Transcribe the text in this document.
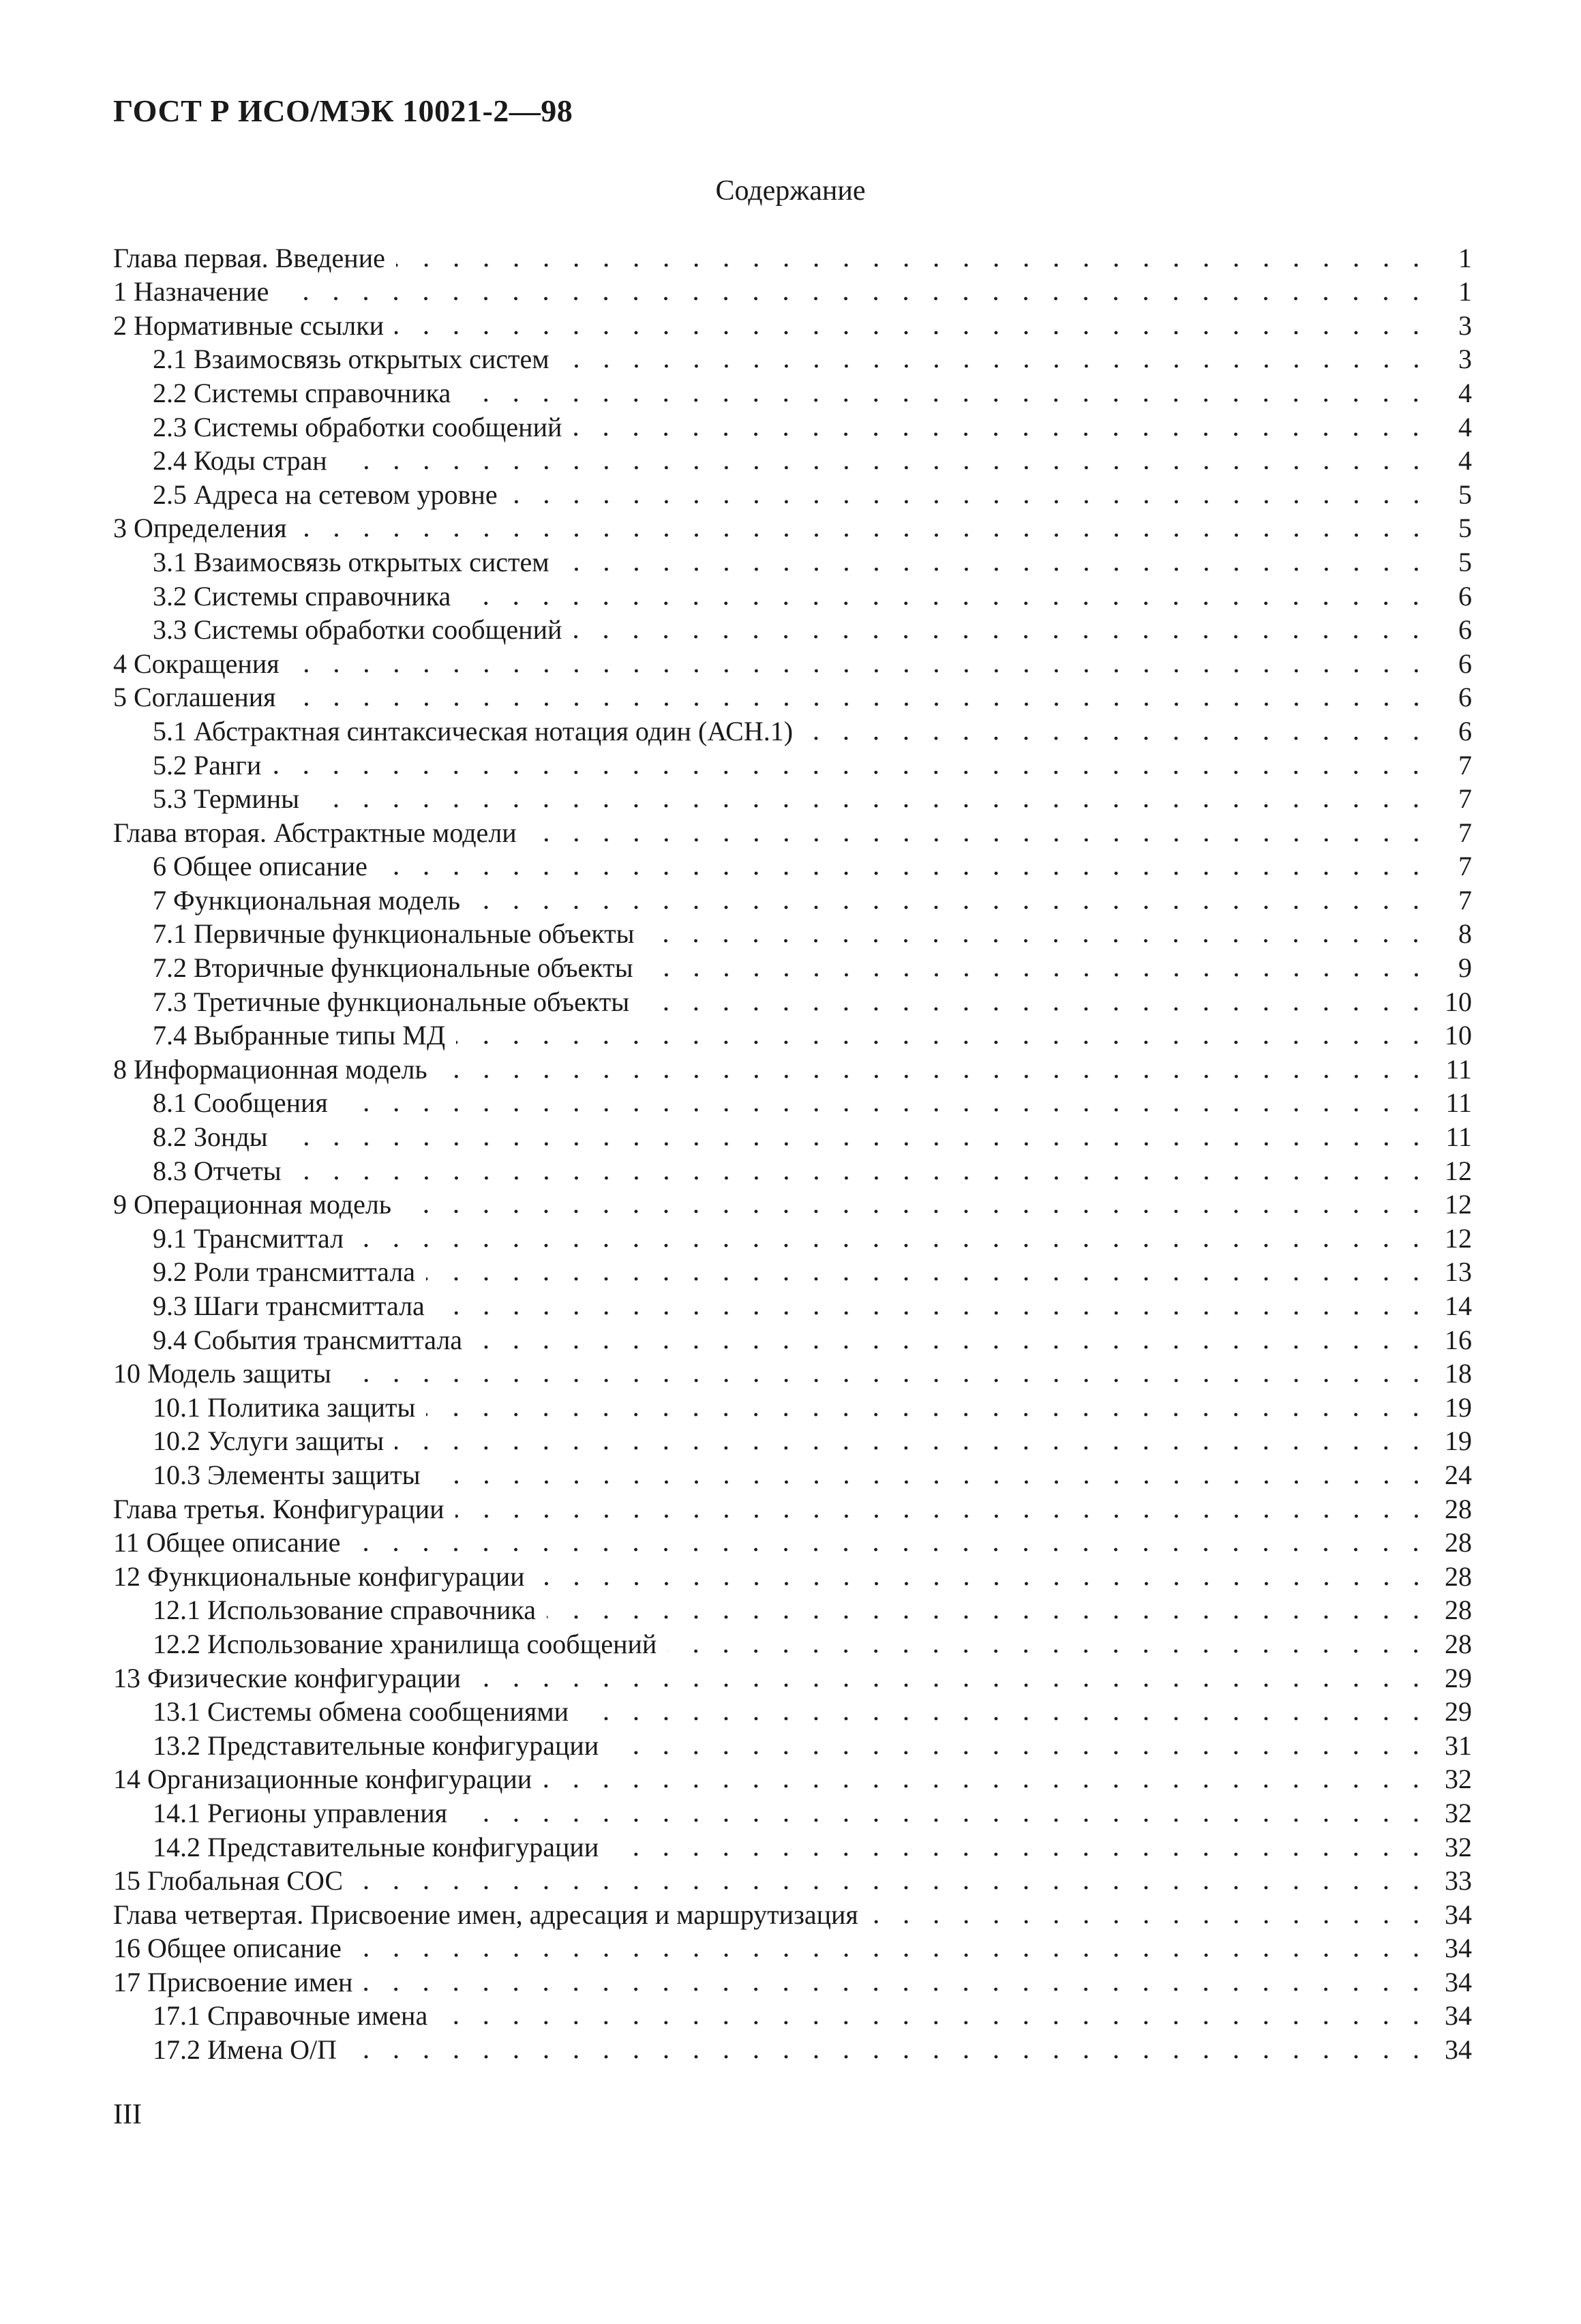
ГОСТ Р ИСО/МЭК 10021-2—98
Содержание
Глава первая. Введение	1
1 Назначение	1
2 Нормативные ссылки	3
2.1 Взаимосвязь открытых систем	3
2.2 Системы справочника	4
2.3 Системы обработки сообщений	4
2.4 Коды стран	4
2.5 Адреса на сетевом уровне	5
3 Определения	5
3.1 Взаимосвязь открытых систем	5
3.2 Системы справочника	6
3.3 Системы обработки сообщений	6
4 Сокращения	6
5 Соглашения	6
5.1 Абстрактная синтаксическая нотация один (АСН.1)	6
5.2 Ранги	7
5.3 Термины	7
Глава вторая. Абстрактные модели	7
6 Общее описание	7
7 Функциональная модель	7
7.1 Первичные функциональные объекты	8
7.2 Вторичные функциональные объекты	9
7.3 Третичные функциональные объекты	10
7.4 Выбранные типы МД	10
8 Информационная модель	11
8.1 Сообщения	11
8.2 Зонды	11
8.3 Отчеты	12
9 Операционная модель	12
9.1 Трансмиттал	12
9.2 Роли трансмиттала	13
9.3 Шаги трансмиттала	14
9.4 События трансмиттала	16
10 Модель защиты	18
10.1 Политика защиты	19
10.2 Услуги защиты	19
10.3 Элементы защиты	24
Глава третья. Конфигурации	28
11 Общее описание	28
12 Функциональные конфигурации	28
12.1 Использование справочника	28
12.2 Использование хранилища сообщений	28
13 Физические конфигурации	29
13.1 Системы обмена сообщениями	29
13.2 Представительные конфигурации	31
14 Организационные конфигурации	32
14.1 Регионы управления	32
14.2 Представительные конфигурации	32
15 Глобальная СОС	33
Глава четвертая. Присвоение имен, адресация и маршрутизация	34
16 Общее описание	34
17 Присвоение имен	34
17.1 Справочные имена	34
17.2 Имена О/П	34
III
